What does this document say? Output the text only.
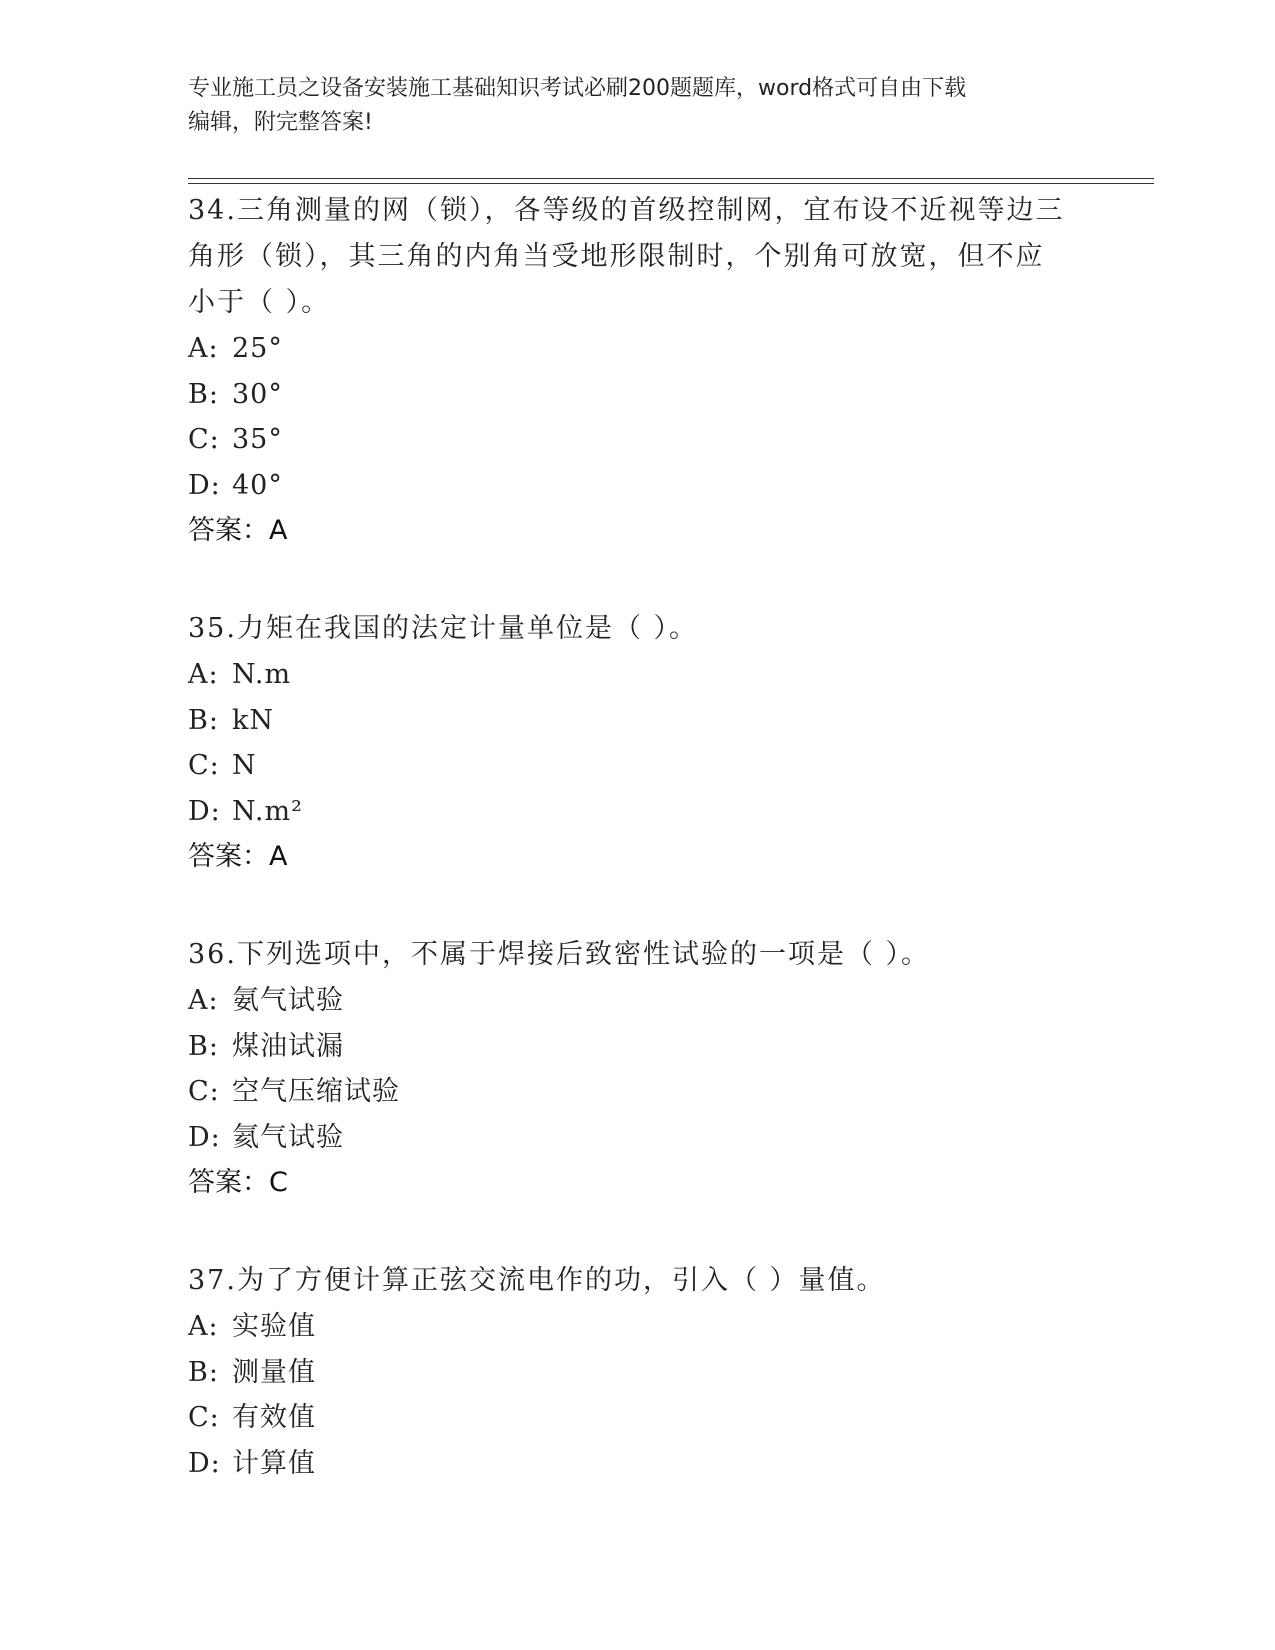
专业施工员之设备安装施工基础知识考试必刷200题题库，word格式可自由下载
编辑，附完整答案!

34.三角测量的网（锁），各等级的首级控制网，宜布设不近视等边三
角形（锁），其三角的内角当受地形限制时，个别角可放宽，但不应
小于（ ）。

A: 25°

B: 30°

C: 35°

D: 40°

答案：A

35.力矩在我国的法定计量单位是（ ）。

A: N.m

B: kN

C: N

D: N.m²

答案：A

36.下列选项中，不属于焊接后致密性试验的一项是（ ）。

A: 氨气试验

B: 煤油试漏

C: 空气压缩试验

D: 氦气试验

答案：C

37.为了方便计算正弦交流电作的功，引入（ ）量值。

A: 实验值

B: 测量值

C: 有效值

D: 计算值
